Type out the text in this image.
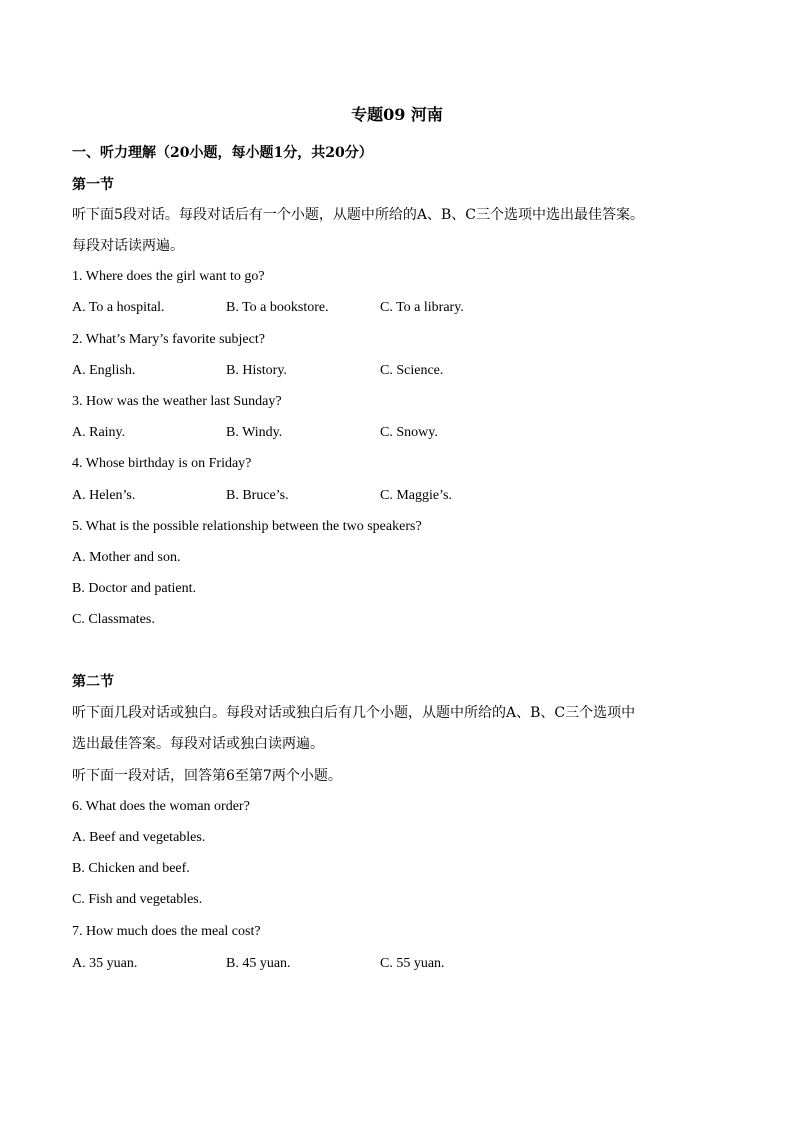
专题09 河南
一、听力理解（20小题，每小题1分，共20分）
第一节
听下面5段对话。每段对话后有一个小题，从题中所给的A、B、C三个选项中选出最佳答案。
每段对话读两遍。
1. Where does the girl want to go?
A. To a hospital.	B. To a bookstore.	C. To a library.
2. What’s Mary’s favorite subject?
A. English.	B. History.	C. Science.
3. How was the weather last Sunday?
A. Rainy.	B. Windy.	C. Snowy.
4. Whose birthday is on Friday?
A. Helen’s.	B. Bruce’s.	C. Maggie’s.
5. What is the possible relationship between the two speakers?
A. Mother and son.
B. Doctor and patient.
C. Classmates.
第二节
听下面几段对话或独白。每段对话或独白后有几个小题，从题中所给的A、B、C三个选项中
选出最佳答案。每段对话或独白读两遍。
听下面一段对话，回答第6至第7两个小题。
6. What does the woman order?
A. Beef and vegetables.
B. Chicken and beef.
C. Fish and vegetables.
7. How much does the meal cost?
A. 35 yuan.	B. 45 yuan.	C. 55 yuan.
